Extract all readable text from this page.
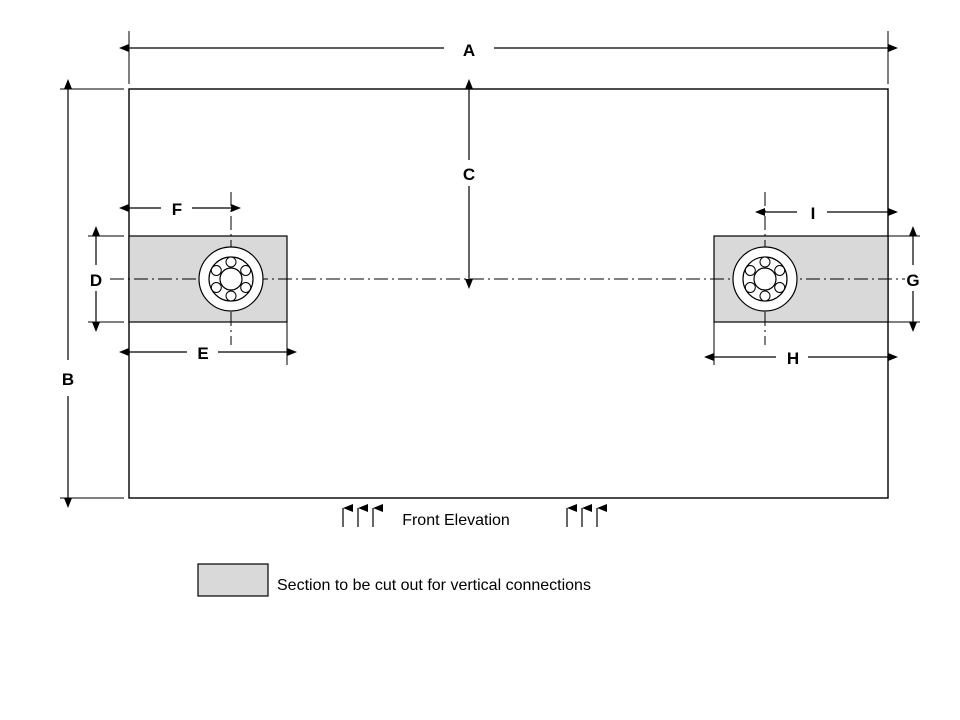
A
B
C
D	G
F
E
I
H
Front Elevation
Section to be cut out for vertical connections
